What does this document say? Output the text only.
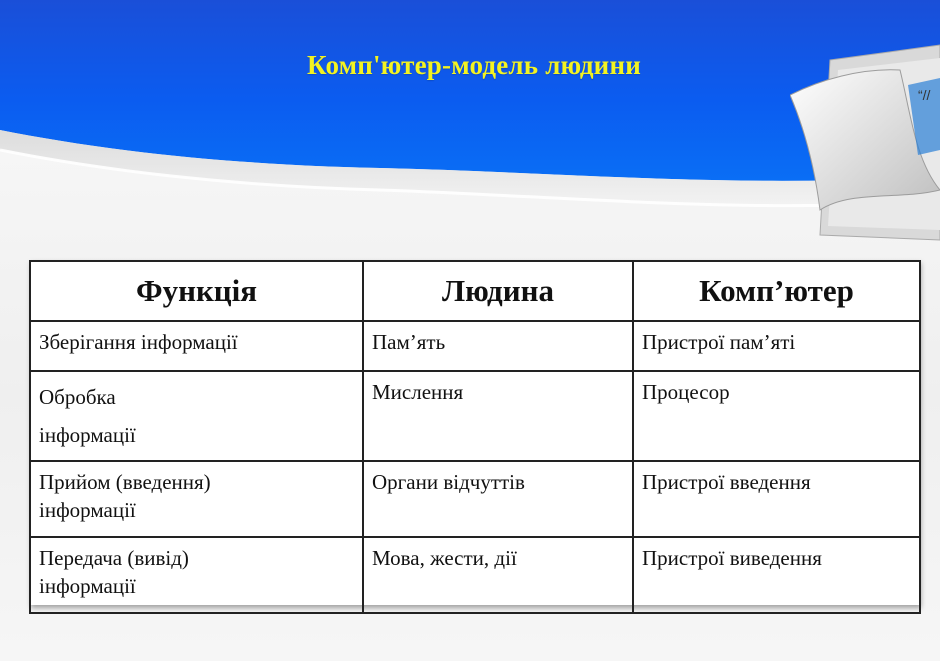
Комп'ютер-модель людини
“//
Функція	Людина	Комп’ютер

Зберігання інформації	Пам’ять	Пристрої пам’яті

Обробка
інформації	Мислення	Процесор

Прийом (введення)
інформації	Органи відчуттів	Пристрої введення

Передача (вивід)
інформації	Мова, жести, дії	Пристрої виведення
